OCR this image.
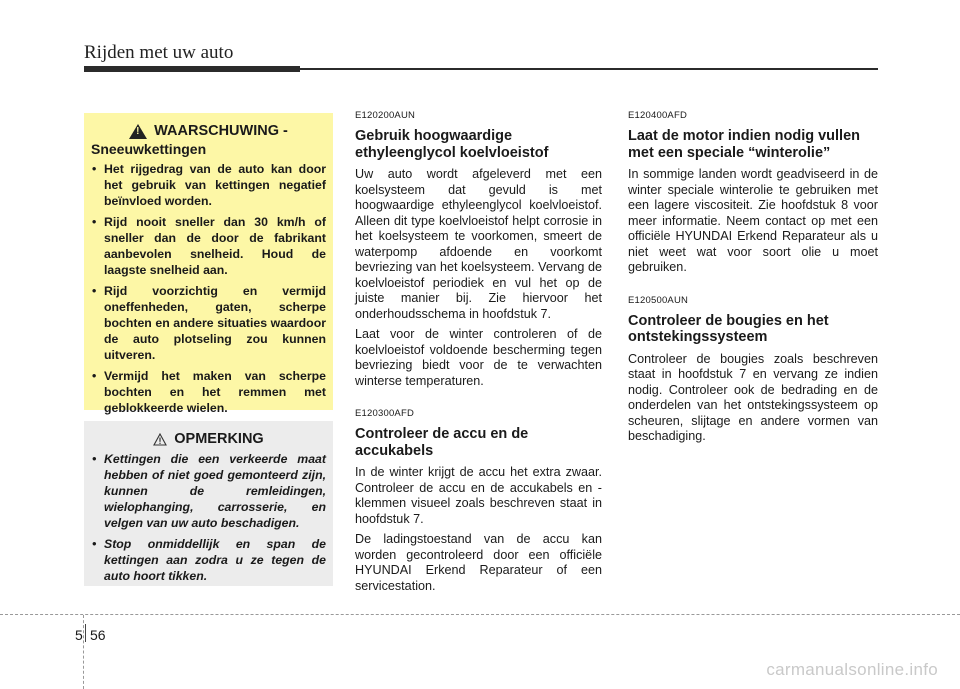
Rijden met uw auto
!
WAARSCHUWING -
Sneeuwkettingen
• Het rijgedrag van de auto kan door het gebruik van kettingen negatief beïnvloed worden.
• Rijd nooit sneller dan 30 km/h of sneller dan de door de fabrikant aanbevolen snelheid. Houd de laagste snelheid aan.
• Rijd voorzichtig en vermijd oneffenheden, gaten, scherpe bochten en andere situaties waardoor de auto plotseling zou kunnen uitveren.
• Vermijd het maken van scherpe bochten en het remmen met geblokkeerde wielen.
OPMERKING
• Kettingen die een verkeerde maat hebben of niet goed gemonteerd zijn, kunnen de remleidingen, wielophanging, carrosserie, en velgen van uw auto beschadigen.
• Stop onmiddellijk en span de kettingen aan zodra u ze tegen de auto hoort tikken.
E120200AUN
Gebruik hoogwaardige ethyleenglycol koelvloeistof
Uw auto wordt afgeleverd met een koelsysteem dat gevuld is met hoogwaardige ethyleenglycol koelvloeistof. Alleen dit type koelvloeistof helpt corrosie in het koelsysteem te voorkomen, smeert de waterpomp afdoende en voorkomt bevriezing van het koelsysteem. Vervang de koelvloeistof periodiek en vul het op de juiste manier bij. Zie hiervoor het onderhoudsschema in hoofdstuk 7.
Laat voor de winter controleren of de koelvloeistof voldoende bescherming tegen bevriezing biedt voor de te verwachten winterse temperaturen.
E120300AFD
Controleer de accu en de accukabels
In de winter krijgt de accu het extra zwaar. Controleer de accu en de accukabels en -klemmen visueel zoals beschreven staat in hoofdstuk 7.
De ladingstoestand van de accu kan worden gecontroleerd door een officiële HYUNDAI Erkend Reparateur of een servicestation.
E120400AFD
Laat de motor indien nodig vullen met een speciale “winterolie”
In sommige landen wordt geadviseerd in de winter speciale winterolie te gebruiken met een lagere viscositeit. Zie hoofdstuk 8 voor meer informatie. Neem contact op met een officiële HYUNDAI Erkend Reparateur als u niet weet wat voor soort olie u moet gebruiken.
E120500AUN
Controleer de bougies en het ontstekingssysteem
Controleer de bougies zoals beschreven staat in hoofdstuk 7 en vervang ze indien nodig. Controleer ook de bedrading en de onderdelen van het ontstekingssysteem op scheuren, slijtage en andere vormen van beschadiging.
5 56
carmanualsonline.info
